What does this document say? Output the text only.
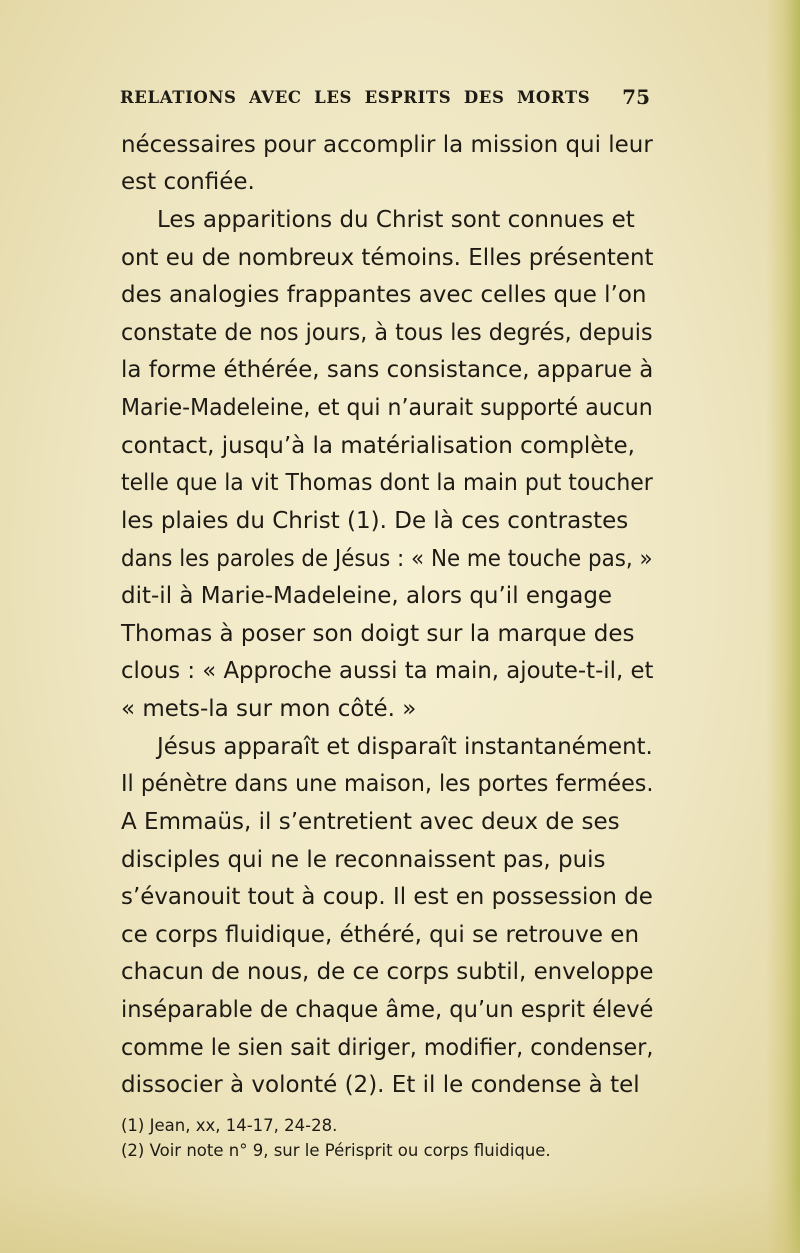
RELATIONS AVEC LES ESPRITS DES MORTS 75
nécessaires pour accomplir la mission qui leur
est confiée.
Les apparitions du Christ sont connues et
ont eu de nombreux témoins. Elles présentent
des analogies frappantes avec celles que l’on
constate de nos jours, à tous les degrés, depuis
la forme éthérée, sans consistance, apparue à
Marie-Madeleine, et qui n’aurait supporté aucun
contact, jusqu’à la matérialisation complète,
telle que la vit Thomas dont la main put toucher
les plaies du Christ (1). De là ces contrastes
dans les paroles de Jésus : « Ne me touche pas, »
dit-il à Marie-Madeleine, alors qu’il engage
Thomas à poser son doigt sur la marque des
clous : « Approche aussi ta main, ajoute-t-il, et
« mets-la sur mon côté. »
Jésus apparaît et disparaît instantanément.
Il pénètre dans une maison, les portes fermées.
A Emmaüs, il s’entretient avec deux de ses
disciples qui ne le reconnaissent pas, puis
s’évanouit tout à coup. Il est en possession de
ce corps fluidique, éthéré, qui se retrouve en
chacun de nous, de ce corps subtil, enveloppe
inséparable de chaque âme, qu’un esprit élevé
comme le sien sait diriger, modifier, condenser,
dissocier à volonté (2). Et il le condense à tel
(1) Jean, xx, 14-17, 24-28.
(2) Voir note n° 9, sur le Périsprit ou corps fluidique.
